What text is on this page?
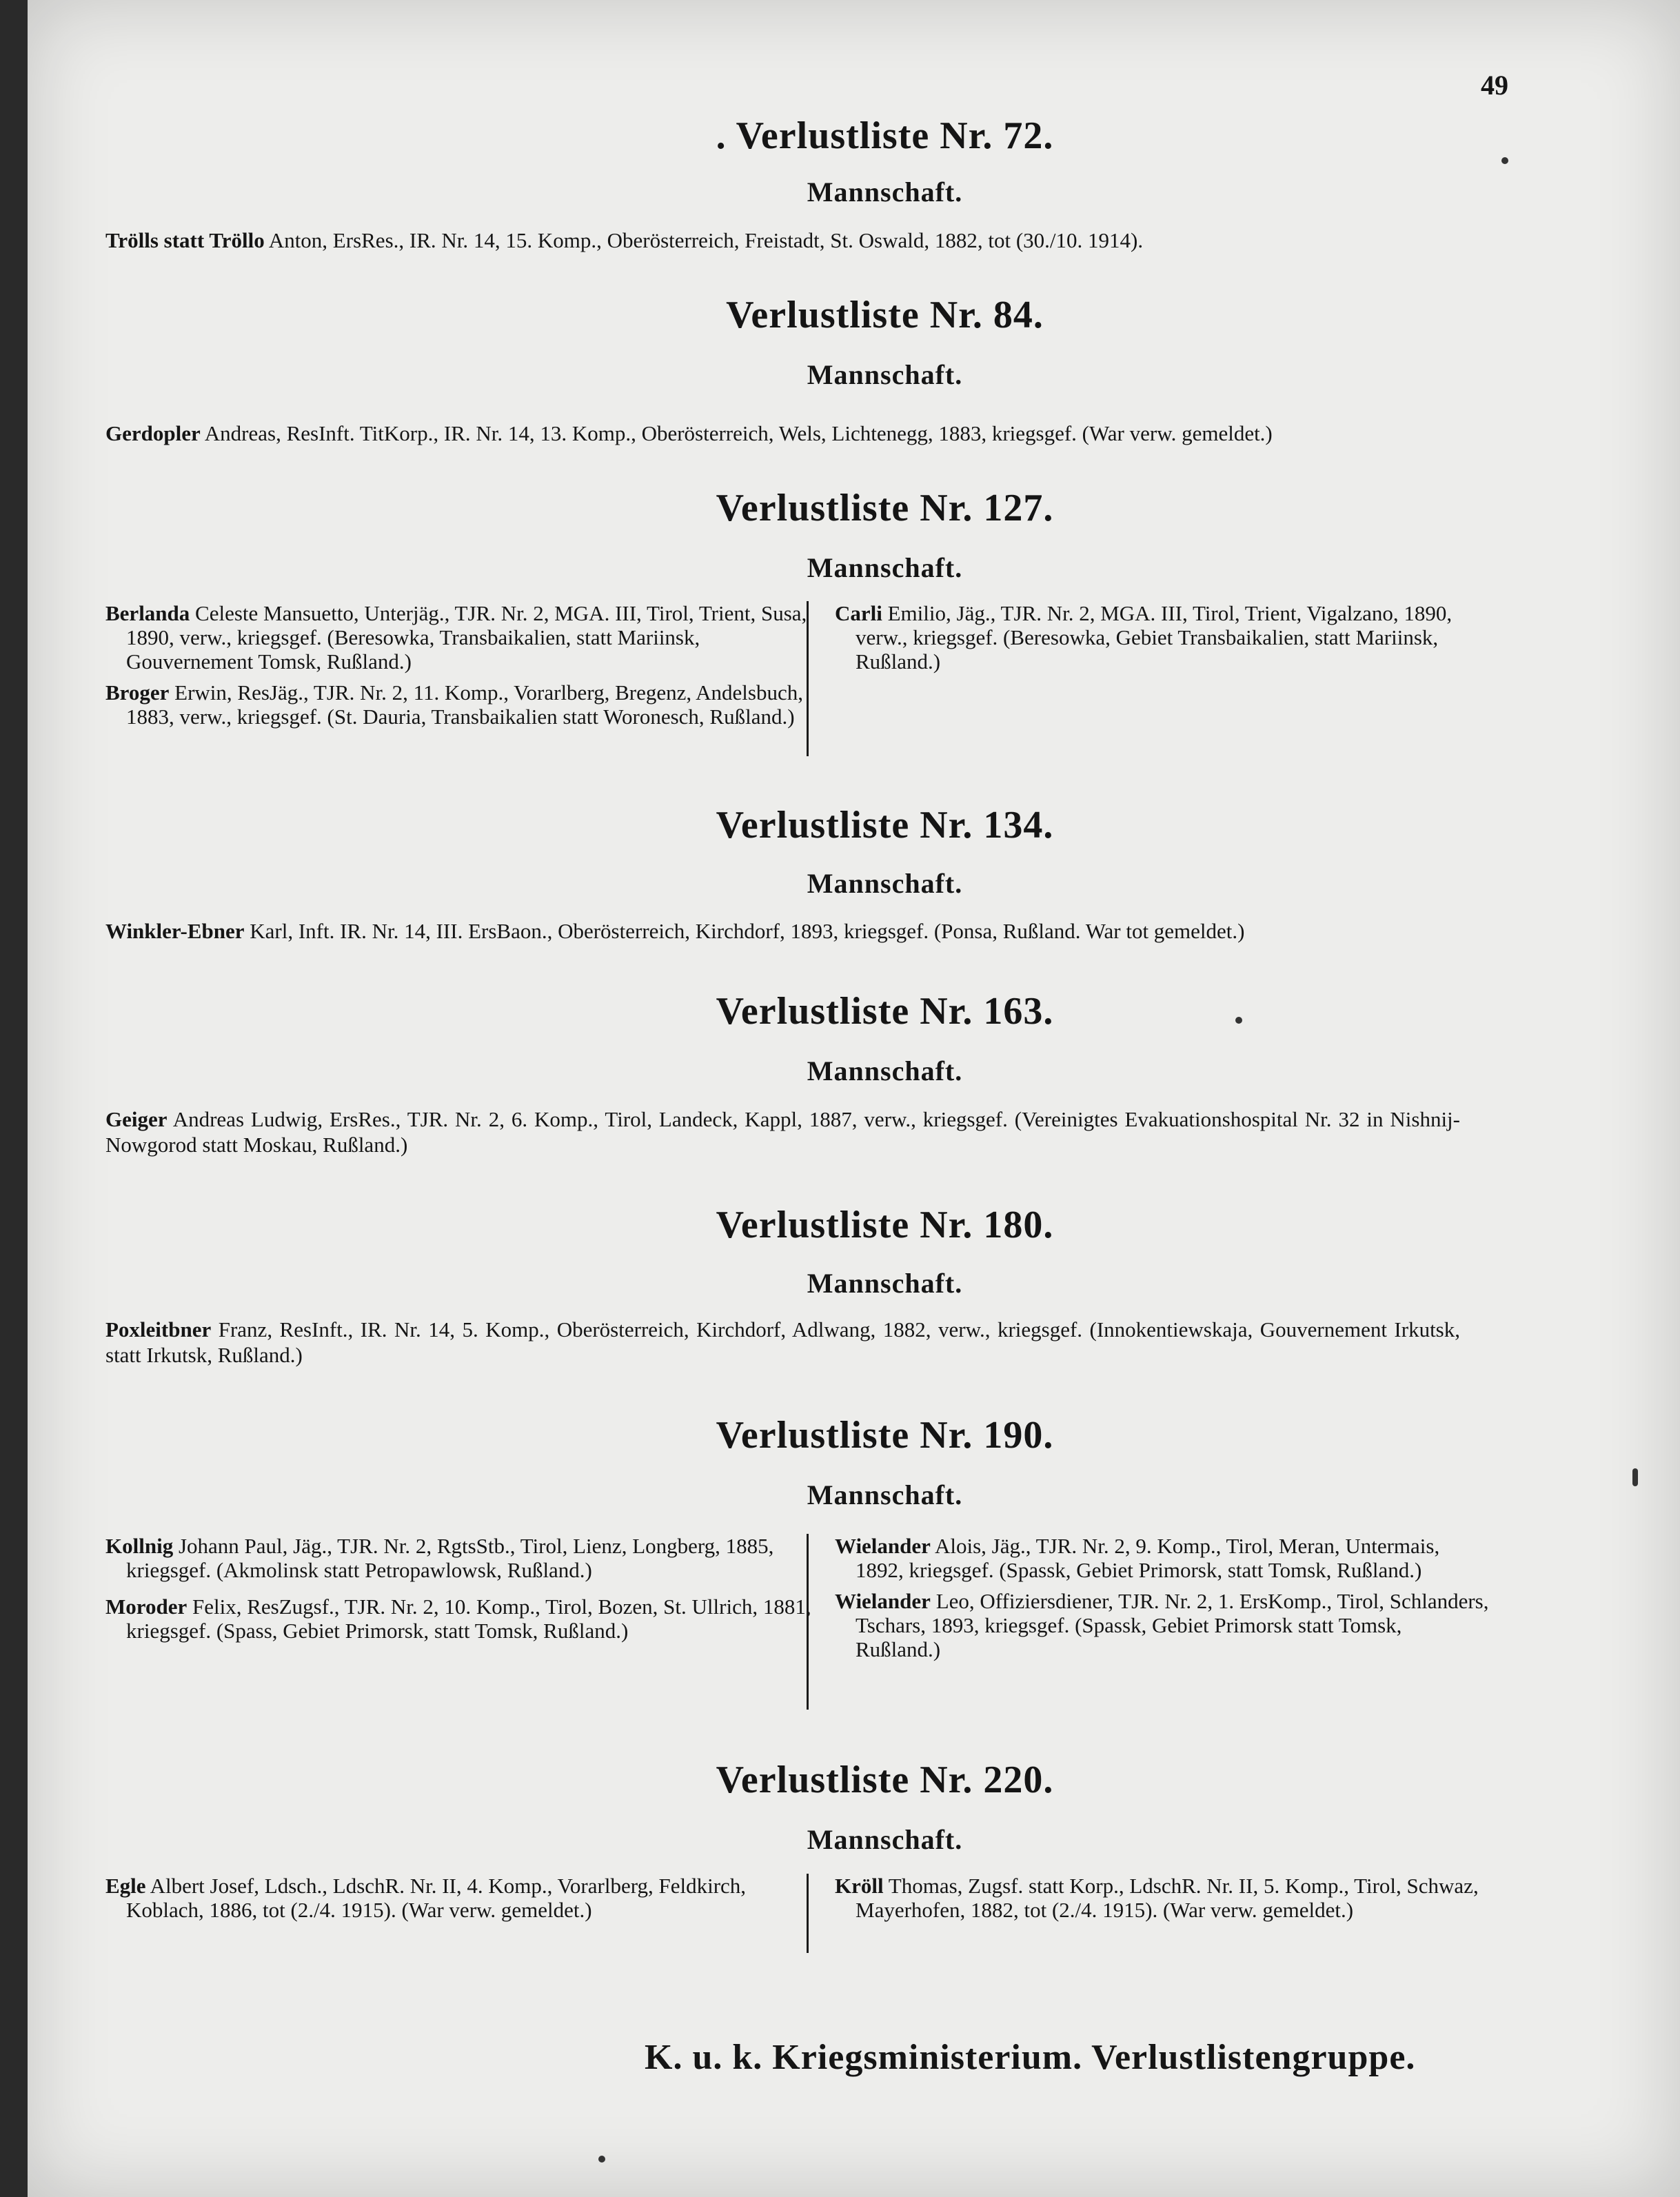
49
. Verlustliste Nr. 72.
Mannschaft.
Trölls statt Tröllo Anton, ErsRes., IR. Nr. 14, 15. Komp., Oberösterreich, Freistadt, St. Oswald, 1882, tot (30./10. 1914).
Verlustliste Nr. 84.
Mannschaft.
Gerdopler Andreas, ResInft. TitKorp., IR. Nr. 14, 13. Komp., Oberösterreich, Wels, Lichtenegg, 1883, kriegsgef. (War verw. gemeldet.)
Verlustliste Nr. 127.
Mannschaft.
Berlanda Celeste Mansuetto, Unterjäg., TJR. Nr. 2, MGA. III, Tirol, Trient, Susa, 1890, verw., kriegsgef. (Beresowka, Transbaikalien, statt Mariinsk, Gouvernement Tomsk, Rußland.)
Broger Erwin, ResJäg., TJR. Nr. 2, 11. Komp., Vorarlberg, Bregenz, Andelsbuch, 1883, verw., kriegsgef. (St. Dauria, Transbaikalien statt Woronesch, Rußland.)
Carli Emilio, Jäg., TJR. Nr. 2, MGA. III, Tirol, Trient, Vigalzano, 1890, verw., kriegsgef. (Beresowka, Gebiet Transbaikalien, statt Mariinsk, Rußland.)
Verlustliste Nr. 134.
Mannschaft.
Winkler-Ebner Karl, Inft. IR. Nr. 14, III. ErsBaon., Oberösterreich, Kirchdorf, 1893, kriegsgef. (Ponsa, Rußland. War tot gemeldet.)
Verlustliste Nr. 163.
Mannschaft.
Geiger Andreas Ludwig, ErsRes., TJR. Nr. 2, 6. Komp., Tirol, Landeck, Kappl, 1887, verw., kriegsgef. (Vereinigtes Evakuationshospital Nr. 32 in Nishnij-Nowgorod statt Moskau, Rußland.)
Verlustliste Nr. 180.
Mannschaft.
Poxleitbner Franz, ResInft., IR. Nr. 14, 5. Komp., Oberösterreich, Kirchdorf, Adlwang, 1882, verw., kriegsgef. (Innokentiewskaja, Gouvernement Irkutsk, statt Irkutsk, Rußland.)
Verlustliste Nr. 190.
Mannschaft.
Kollnig Johann Paul, Jäg., TJR. Nr. 2, RgtsStb., Tirol, Lienz, Longberg, 1885, kriegsgef. (Akmolinsk statt Petropawlowsk, Rußland.)
Moroder Felix, ResZugsf., TJR. Nr. 2, 10. Komp., Tirol, Bozen, St. Ullrich, 1881, kriegsgef. (Spass, Gebiet Primorsk, statt Tomsk, Rußland.)
Wielander Alois, Jäg., TJR. Nr. 2, 9. Komp., Tirol, Meran, Untermais, 1892, kriegsgef. (Spassk, Gebiet Primorsk, statt Tomsk, Rußland.)
Wielander Leo, Offiziersdiener, TJR. Nr. 2, 1. ErsKomp., Tirol, Schlanders, Tschars, 1893, kriegsgef. (Spassk, Gebiet Primorsk statt Tomsk, Rußland.)
Verlustliste Nr. 220.
Mannschaft.
Egle Albert Josef, Ldsch., LdschR. Nr. II, 4. Komp., Vorarlberg, Feldkirch, Koblach, 1886, tot (2./4. 1915). (War verw. gemeldet.)
Kröll Thomas, Zugsf. statt Korp., LdschR. Nr. II, 5. Komp., Tirol, Schwaz, Mayerhofen, 1882, tot (2./4. 1915). (War verw. gemeldet.)
K. u. k. Kriegsministerium. Verlustlistengruppe.
